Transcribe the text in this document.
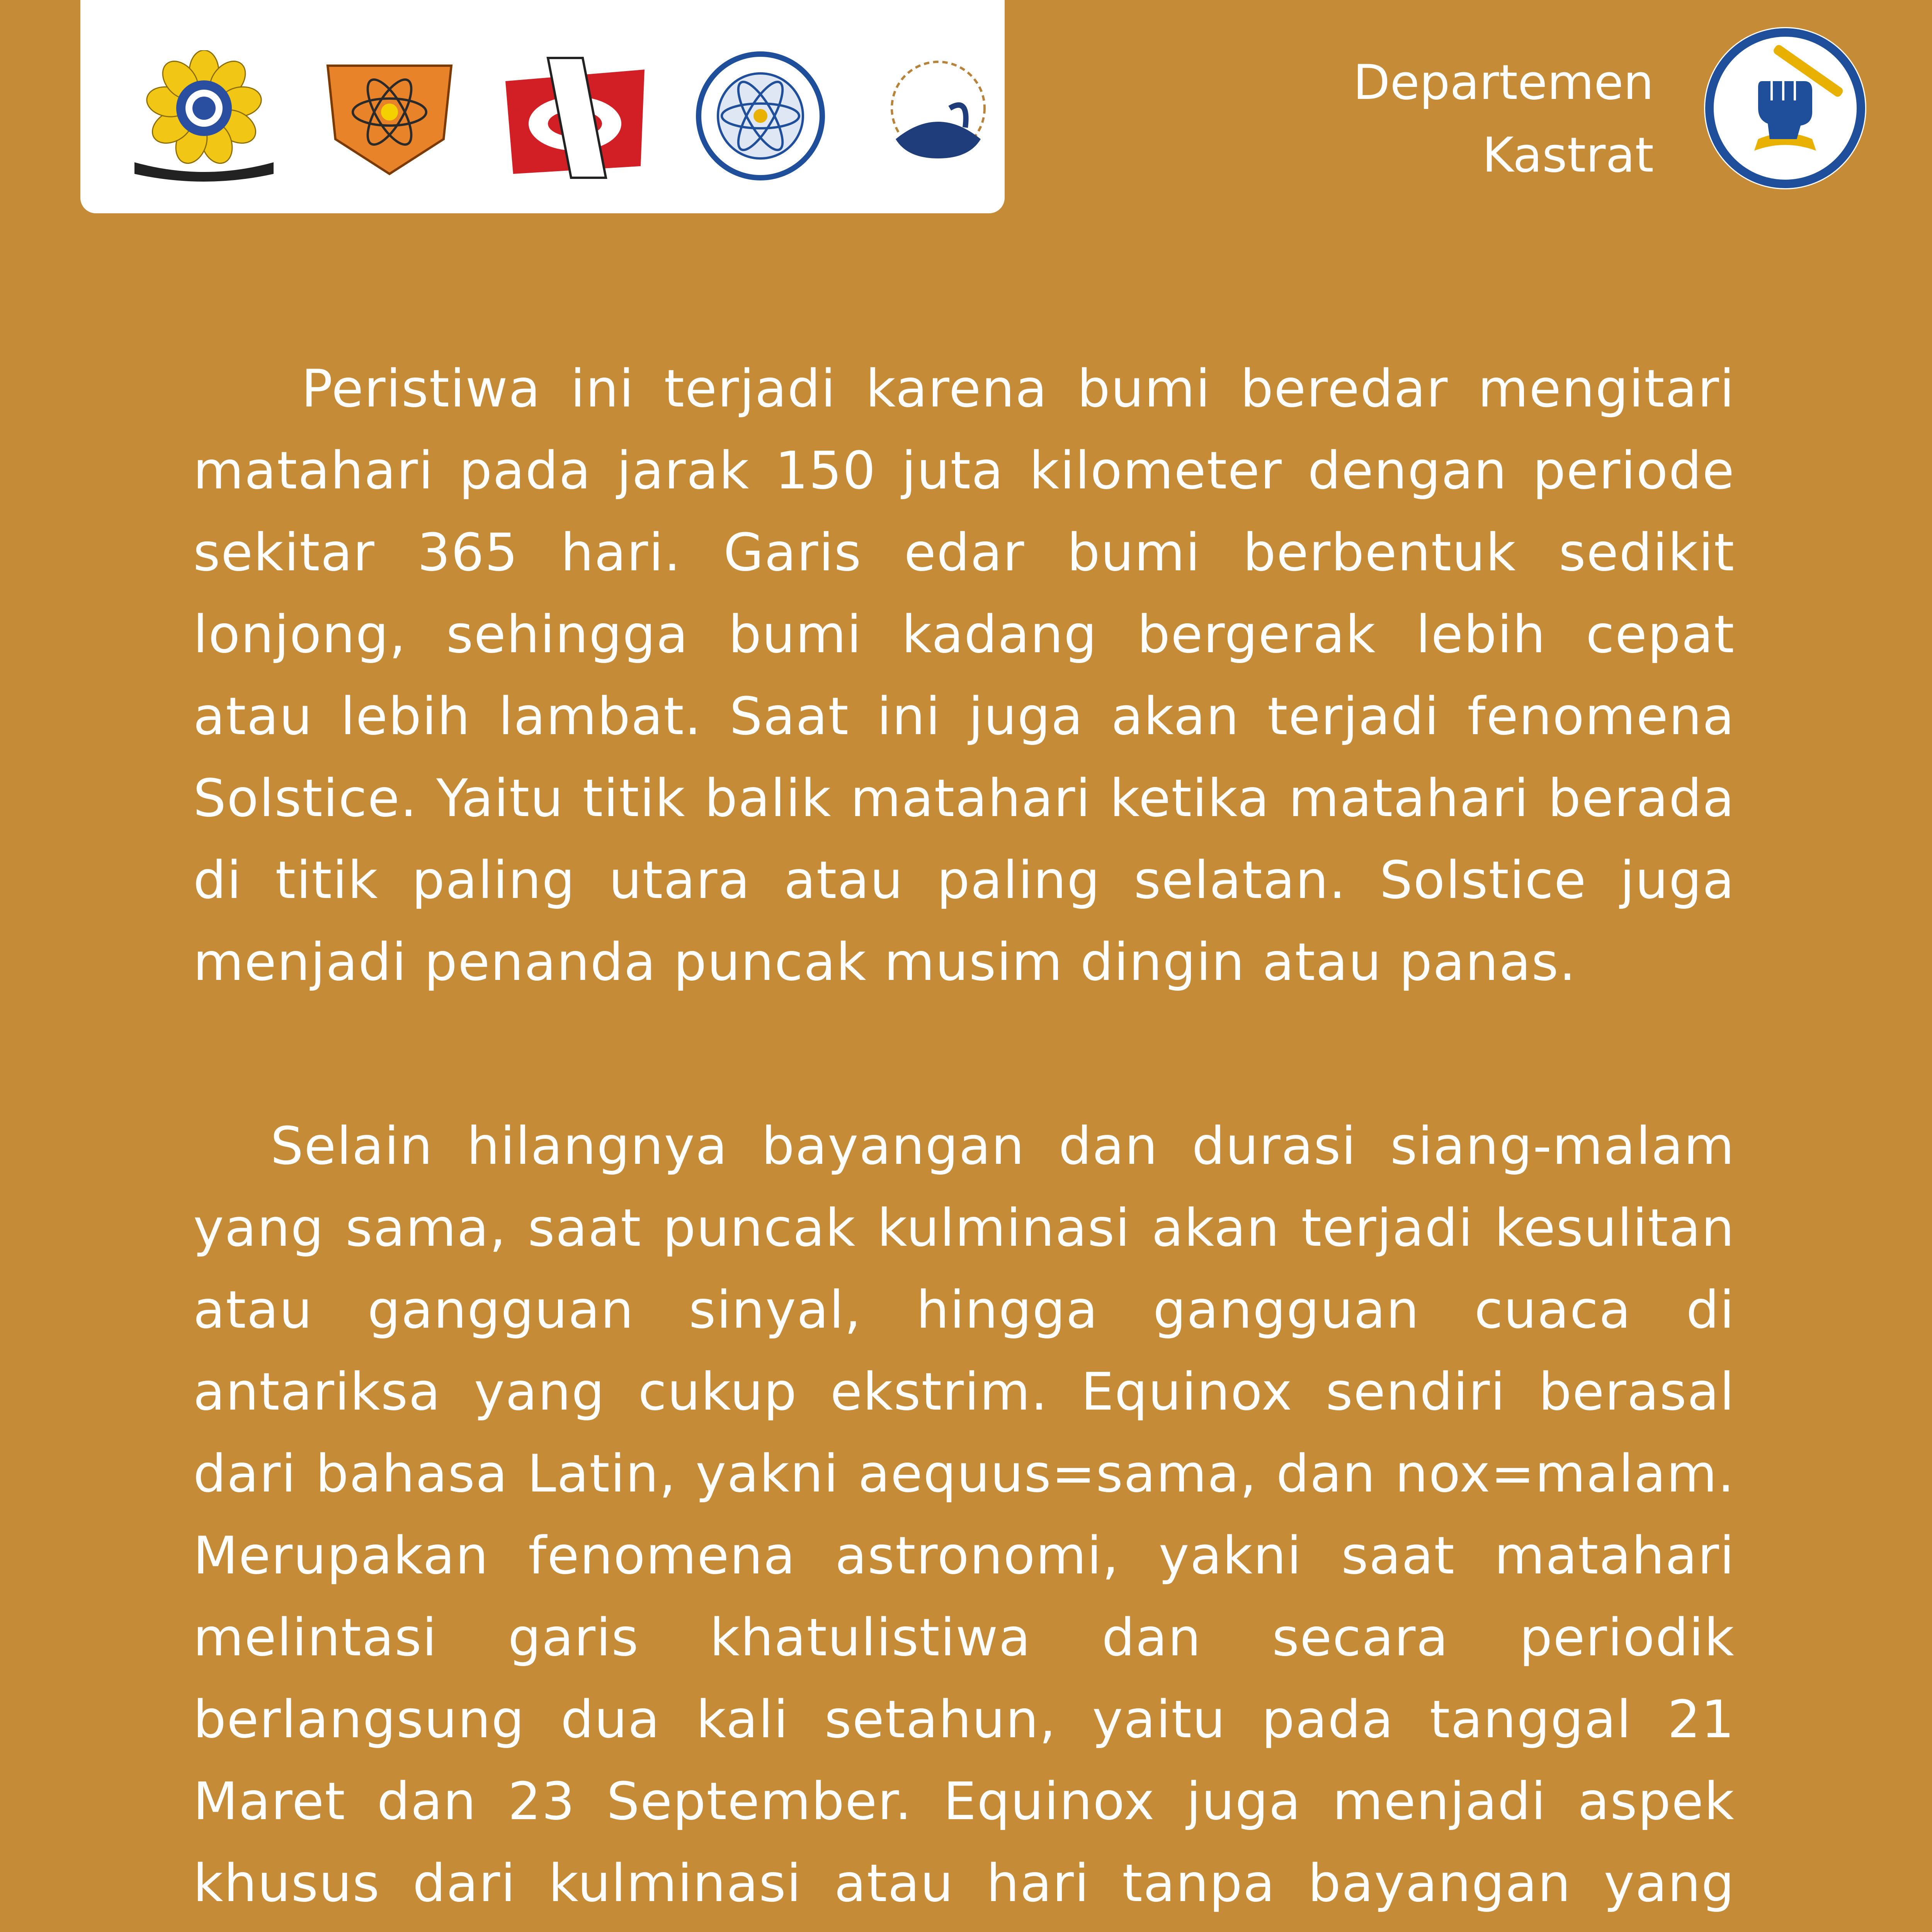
Departemen
Kastrat

Peristiwa ini terjadi karena bumi beredar mengitari matahari pada jarak 150 juta kilometer dengan periode sekitar 365 hari. Garis edar bumi berbentuk sedikit lonjong, sehingga bumi kadang bergerak lebih cepat atau lebih lambat. Saat ini juga akan terjadi fenomena Solstice. Yaitu titik balik matahari ketika matahari berada di titik paling utara atau paling selatan. Solstice juga menjadi penanda puncak musim dingin atau panas.

Selain hilangnya bayangan dan durasi siang-malam yang sama, saat puncak kulminasi akan terjadi kesulitan atau gangguan sinyal, hingga gangguan cuaca di antariksa yang cukup ekstrim. Equinox sendiri berasal dari bahasa Latin, yakni aequus=sama, dan nox=malam. Merupakan fenomena astronomi, yakni saat matahari melintasi garis khatulistiwa dan secara periodik berlangsung dua kali setahun, yaitu pada tanggal 21 Maret dan 23 September. Equinox juga menjadi aspek khusus dari kulminasi atau hari tanpa bayangan yang
